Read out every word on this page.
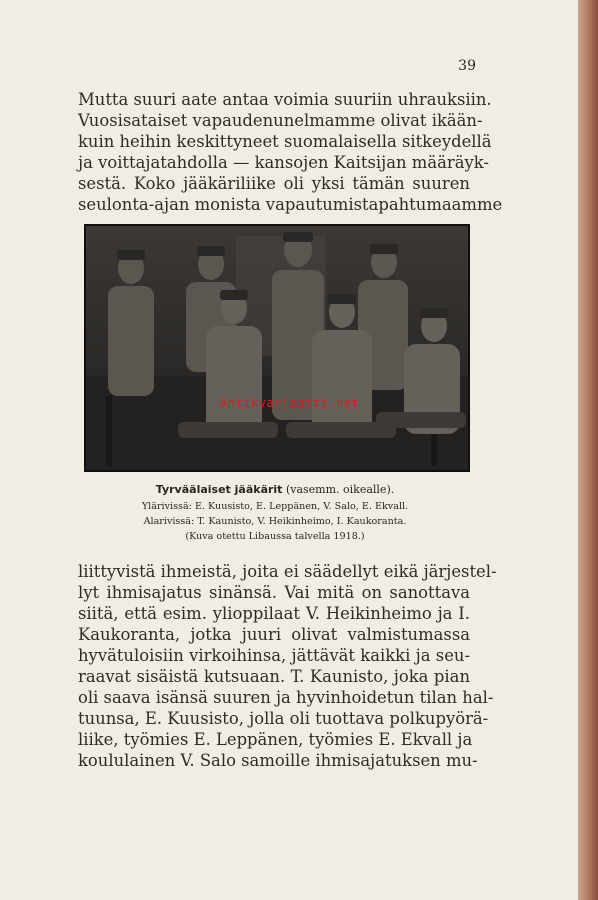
39
Mutta suuri aate antaa voimia suuriin uhrauksiin.
Vuosisataiset vapaudenunelmamme olivat ikään-
kuin heihin keskittyneet suomalaisella sitkeydellä
ja voittajatahdolla — kansojen Kaitsijan määräyk-
sestä. Koko jääkäriliike oli yksi tämän suuren
seulonta-ajan monista vapautumistapahtumaamme
Antikvariaatti.net
Tyrväälaiset jääkärit (vasemm. oikealle).
Ylärivissä: E. Kuusisto, E. Leppänen, V. Salo, E. Ekvall.
Alarivissä: T. Kaunisto, V. Heikinheimo, I. Kaukoranta.
(Kuva otettu Libaussa talvella 1918.)
liittyvistä ihmeistä, joita ei säädellyt eikä järjestel-
lyt ihmisajatus sinänsä. Vai mitä on sanottava
siitä, että esim. ylioppilaat V. Heikinheimo ja I.
Kaukoranta, jotka juuri olivat valmistumassa
hyvätuloisiin virkoihinsa, jättävät kaikki ja seu-
raavat sisäistä kutsuaan. T. Kaunisto, joka pian
oli saava isänsä suuren ja hyvinhoidetun tilan hal-
tuunsa, E. Kuusisto, jolla oli tuottava polkupyörä-
liike, työmies E. Leppänen, työmies E. Ekvall ja
koululainen V. Salo samoille ihmisajatuksen mu-
